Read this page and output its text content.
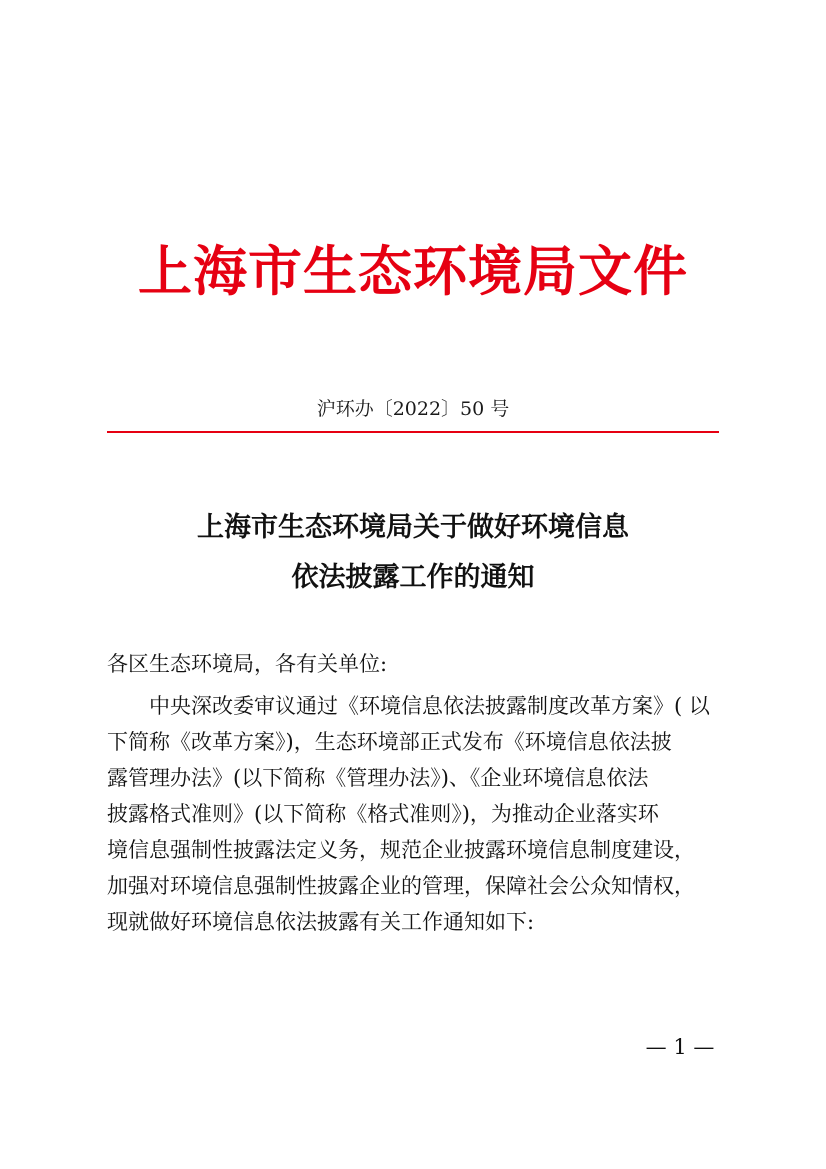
上海市生态环境局文件
沪环办〔2022〕50 号
上海市生态环境局关于做好环境信息
依法披露工作的通知
各区生态环境局，各有关单位:
中央深改委审议通过《环境信息依法披露制度改革方案》( 以
下简称《改革方案》)，生态环境部正式发布《环境信息依法披
露管理办法》(以下简称《管理办法》)、《企业环境信息依法
披露格式准则》(以下简称《格式准则》)，为推动企业落实环
境信息强制性披露法定义务，规范企业披露环境信息制度建设，
加强对环境信息强制性披露企业的管理，保障社会公众知情权，
现就做好环境信息依法披露有关工作通知如下:
— 1 —
